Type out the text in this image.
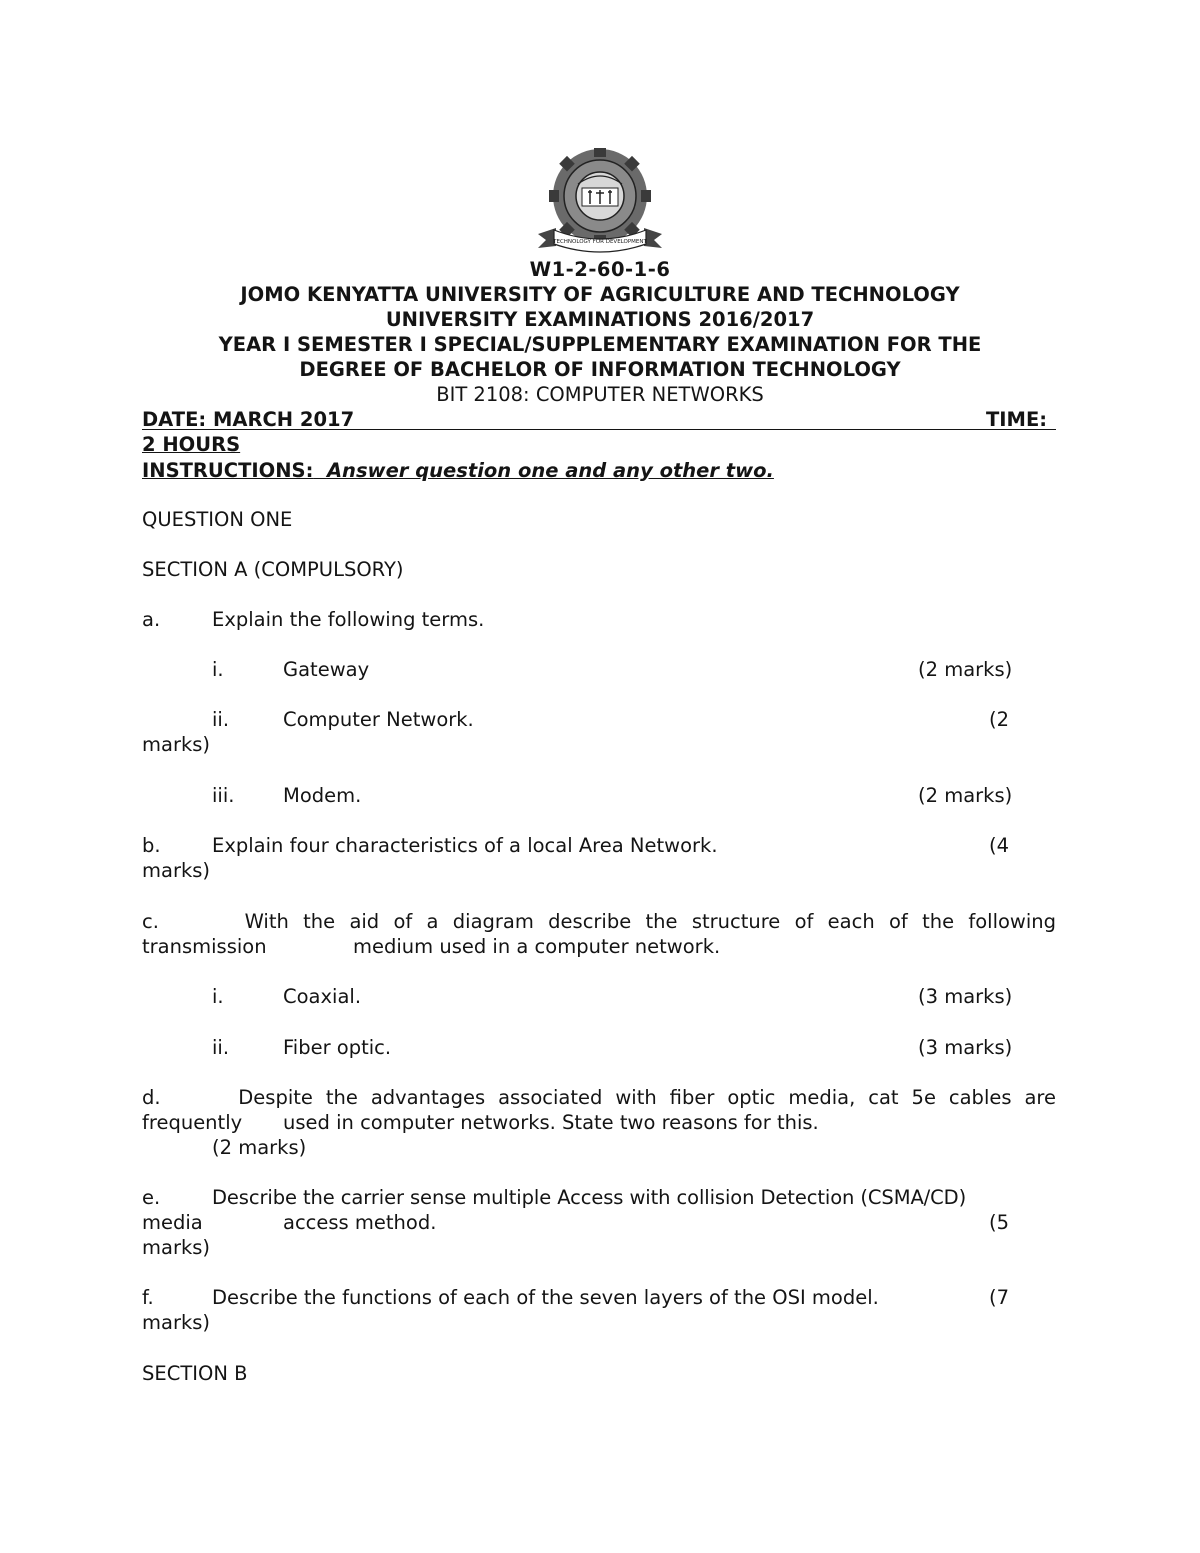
TECHNOLOGY FOR DEVELOPMENT
W1-2-60-1-6
JOMO KENYATTA UNIVERSITY OF AGRICULTURE AND TECHNOLOGY
UNIVERSITY EXAMINATIONS 2016/2017
YEAR I SEMESTER I SPECIAL/SUPPLEMENTARY EXAMINATION FOR THE
DEGREE OF BACHELOR OF INFORMATION TECHNOLOGY
BIT 2108: COMPUTER NETWORKS
DATE: MARCH 2017	TIME:
2 HOURS
INSTRUCTIONS: Answer question one and any other two.
QUESTION ONE
SECTION A (COMPULSORY)
a.	Explain the following terms.
i.	Gateway	(2 marks)
ii.	Computer Network.	(2
marks)
iii. Modem.	(2 marks)
b.	Explain four characteristics of a local Area Network.	(4
marks)
c.	With the aid of a diagram describe the structure of each of the following
transmission	medium used in a computer network.
i.	Coaxial.	(3 marks)
ii.	Fiber optic.	(3 marks)
d.	Despite the advantages associated with fiber optic media, cat 5e cables are
frequently used in computer networks. State two reasons for this.
(2 marks)
e.	Describe the carrier sense multiple Access with collision Detection (CSMA/CD)
media	access method.	(5
marks)
f.	Describe the functions of each of the seven layers of the OSI model.	(7
marks)
SECTION B
